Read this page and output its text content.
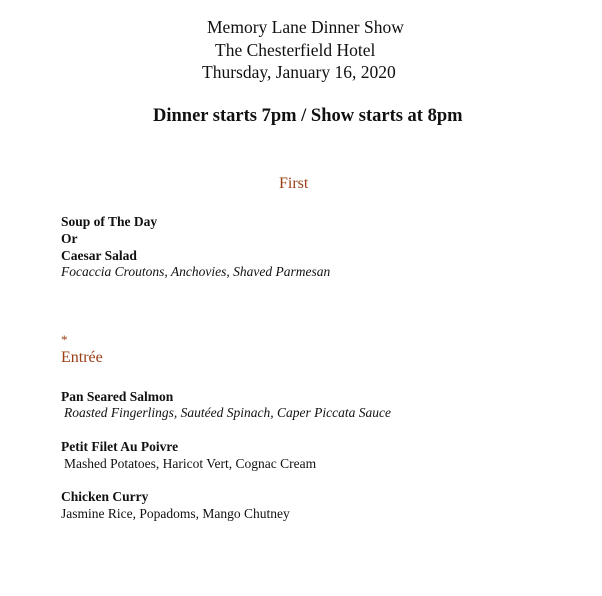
Memory Lane Dinner Show
The Chesterfield Hotel
Thursday, January 16, 2020
Dinner starts 7pm / Show starts at 8pm
First
Soup of The Day
Or
Caesar Salad
Focaccia Croutons, Anchovies, Shaved Parmesan
*
Entrée
Pan Seared Salmon
Roasted Fingerlings, Sautéed Spinach, Caper Piccata Sauce
Petit Filet Au Poivre
Mashed Potatoes, Haricot Vert, Cognac Cream
Chicken Curry
Jasmine Rice, Popadoms, Mango Chutney
